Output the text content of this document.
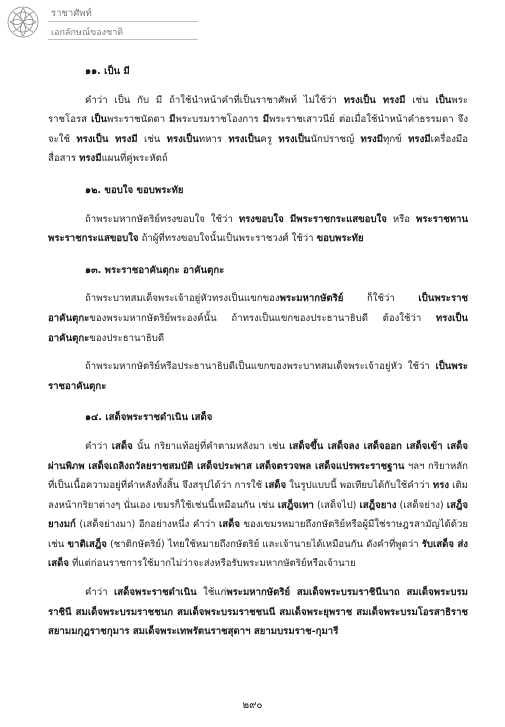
ราชาศัพท์
เอกลักษณ์ของชาติ
๑๑. เป็น มี

คำว่า เป็น กับ มี ถ้าใช้นำหน้าคำที่เป็นราชาศัพท์ ไม่ใช้ว่า ทรงเป็น ทรงมี เช่น เป็นพระราชโอรส เป็นพระราชนัดดา มีพระบรมราชโองการ มีพระราชเสาวนีย์ ต่อเมื่อใช้นำหน้าคำธรรมดา จึงจะใช้ ทรงเป็น ทรงมี เช่น ทรงเป็นทหาร ทรงเป็นครู ทรงเป็นนักปราชญ์ ทรงมีทุกข์ ทรงมีเครื่องมือสื่อสาร ทรงมีแผนที่คู่พระหัตถ์

๑๒. ขอบใจ ขอบพระทัย

ถ้าพระมหากษัตริย์ทรงขอบใจ ใช้ว่า ทรงขอบใจ มีพระราชกระแสขอบใจ หรือ พระราชทานพระราชกระแสขอบใจ ถ้าผู้ที่ทรงขอบใจนั้นเป็นพระราชวงศ์ ใช้ว่า ขอบพระทัย

๑๓. พระราชอาคันตุกะ อาคันตุกะ

ถ้าพระบาทสมเด็จพระเจ้าอยู่หัวทรงเป็นแขกของพระมหากษัตริย์ ก็ใช้ว่า เป็นพระราชอาคันตุกะของพระมหากษัตริย์พระองค์นั้น ถ้าทรงเป็นแขกของประธานาธิบดี ต้องใช้ว่า ทรงเป็นอาคันตุกะของประธานาธิบดี

ถ้าพระมหากษัตริย์หรือประธานาธิบดีเป็นแขกของพระบาทสมเด็จพระเจ้าอยู่หัว ใช้ว่า เป็นพระราชอาคันตุกะ

๑๔. เสด็จพระราชดำเนิน เสด็จ

คำว่า เสด็จ นั้น กริยาแท้อยู่ที่คำตามหลังมา เช่น เสด็จขึ้น เสด็จลง เสด็จออก เสด็จเข้า เสด็จผ่านพิภพ เสด็จเถลิงถวัลยราชสมบัติ เสด็จประพาส เสด็จตรวจพล เสด็จแปรพระราชฐาน ฯลฯ กริยาหลักที่เป็นเนื้อความอยู่ที่คำหลังทั้งสิ้น จึงสรุปได้ว่า การใช้ เสด็จ ในรูปแบบนี้ พอเทียบได้กับใช้คำว่า ทรง เติมลงหน้ากริยาต่างๆ นั่นเอง เขมรก็ใช้เช่นนี้เหมือนกัน เช่น เสฎ็จเทา (เสด็จไป) เสฎ็จยาง (เสด็จย่าง) เสฎ็จยางมก์ (เสด็จย่างมา) อีกอย่างหนึ่ง คำว่า เสด็จ ของเขมรหมายถึงกษัตริย์หรือผู้มีใช่ราษฎรสามัญได้ด้วย เช่น ขาติเสฎ็จ (ชาติกษัตริย์) ไทยใช้หมายถึงกษัตริย์ และเจ้านายได้เหมือนกัน ดังคำที่พูดว่า รับเสด็จ ส่งเสด็จ ที่แต่ก่อนราชการใช้มากไม่ว่าจะส่งหรือรับพระมหากษัตริย์หรือเจ้านาย

คำว่า เสด็จพระราชดำเนิน ใช้แก่พระมหากษัตริย์ สมเด็จพระบรมราชินีนาถ สมเด็จพระบรมราชินี สมเด็จพระบรมราชชนก สมเด็จพระบรมราชชนนี สมเด็จพระยุพราช สมเด็จพระบรมโอรสาธิราช สยามมกุฎราชกุมาร สมเด็จพระเทพรัตนราชสุดาฯ สยามบรมราช-กุมารี

๒๙๐
